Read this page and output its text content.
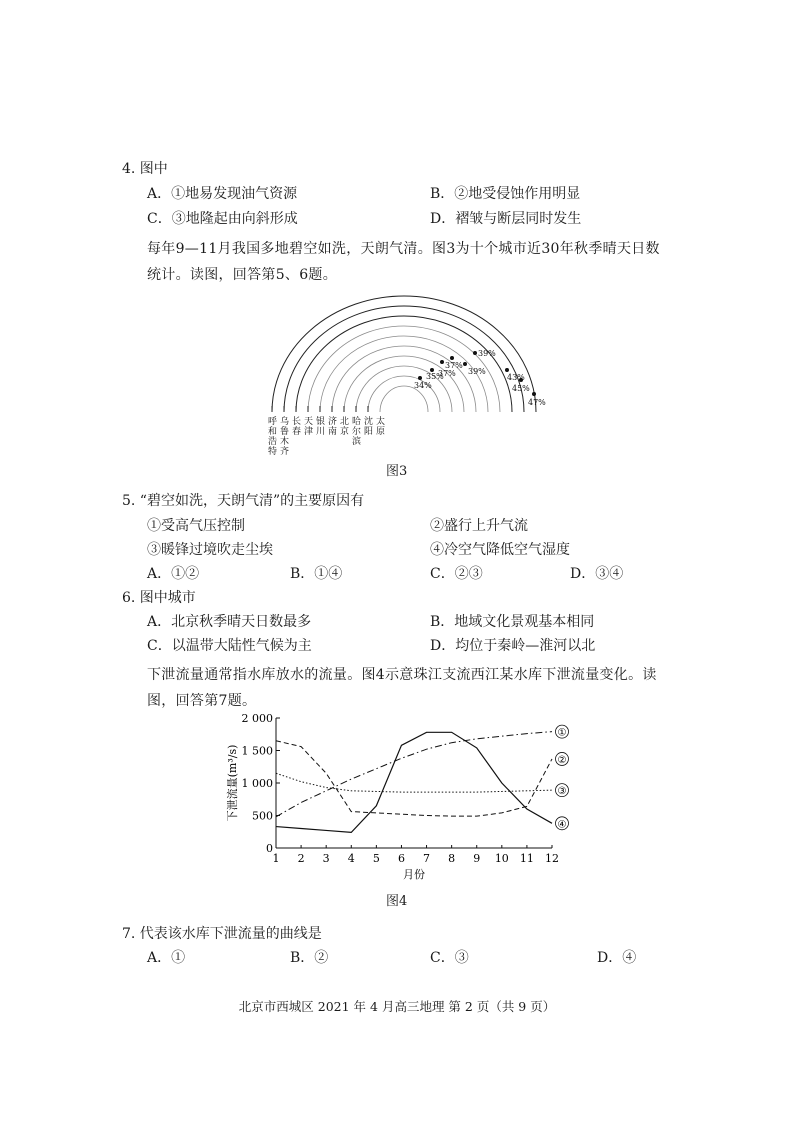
4. 图中
A．①地易发现油气资源	B．②地受侵蚀作用明显
C．③地隆起由向斜形成	D．褶皱与断层同时发生
每年9—11月我国多地碧空如洗，天朗气清。图3为十个城市近30年秋季晴天日数统计。读图，回答第5、6题。
34%
35%
37%
37%
39%
39%
43%
45%
47%
呼
和
浩
特
乌
鲁
木
齐
长
春
天
津
银
川
济
南
北
京
哈
尔
滨
沈
阳
太
原
图3
5. “碧空如洗，天朗气清”的主要原因有
①受高气压控制	②盛行上升气流
③暖锋过境吹走尘埃	④冷空气降低空气湿度
A．①②	B．①④	C．②③	D．③④
6. 图中城市
A．北京秋季晴天日数最多	B．地域文化景观基本相同
C．以温带大陆性气候为主	D．均位于秦岭—淮河以北
下泄流量通常指水库放水的流量。图4示意珠江支流西江某水库下泄流量变化。读图，回答第7题。
0
500
1 000
1 500
2 000
1 2 3 4 5 6 7 8 9 10 11 12
月份
下泄流量(m³/s)
①
②
③
④
图4
7. 代表该水库下泄流量的曲线是
A．①	B．②	C．③	D．④
北京市西城区 2021 年 4 月高三地理 第 2 页（共 9 页）
